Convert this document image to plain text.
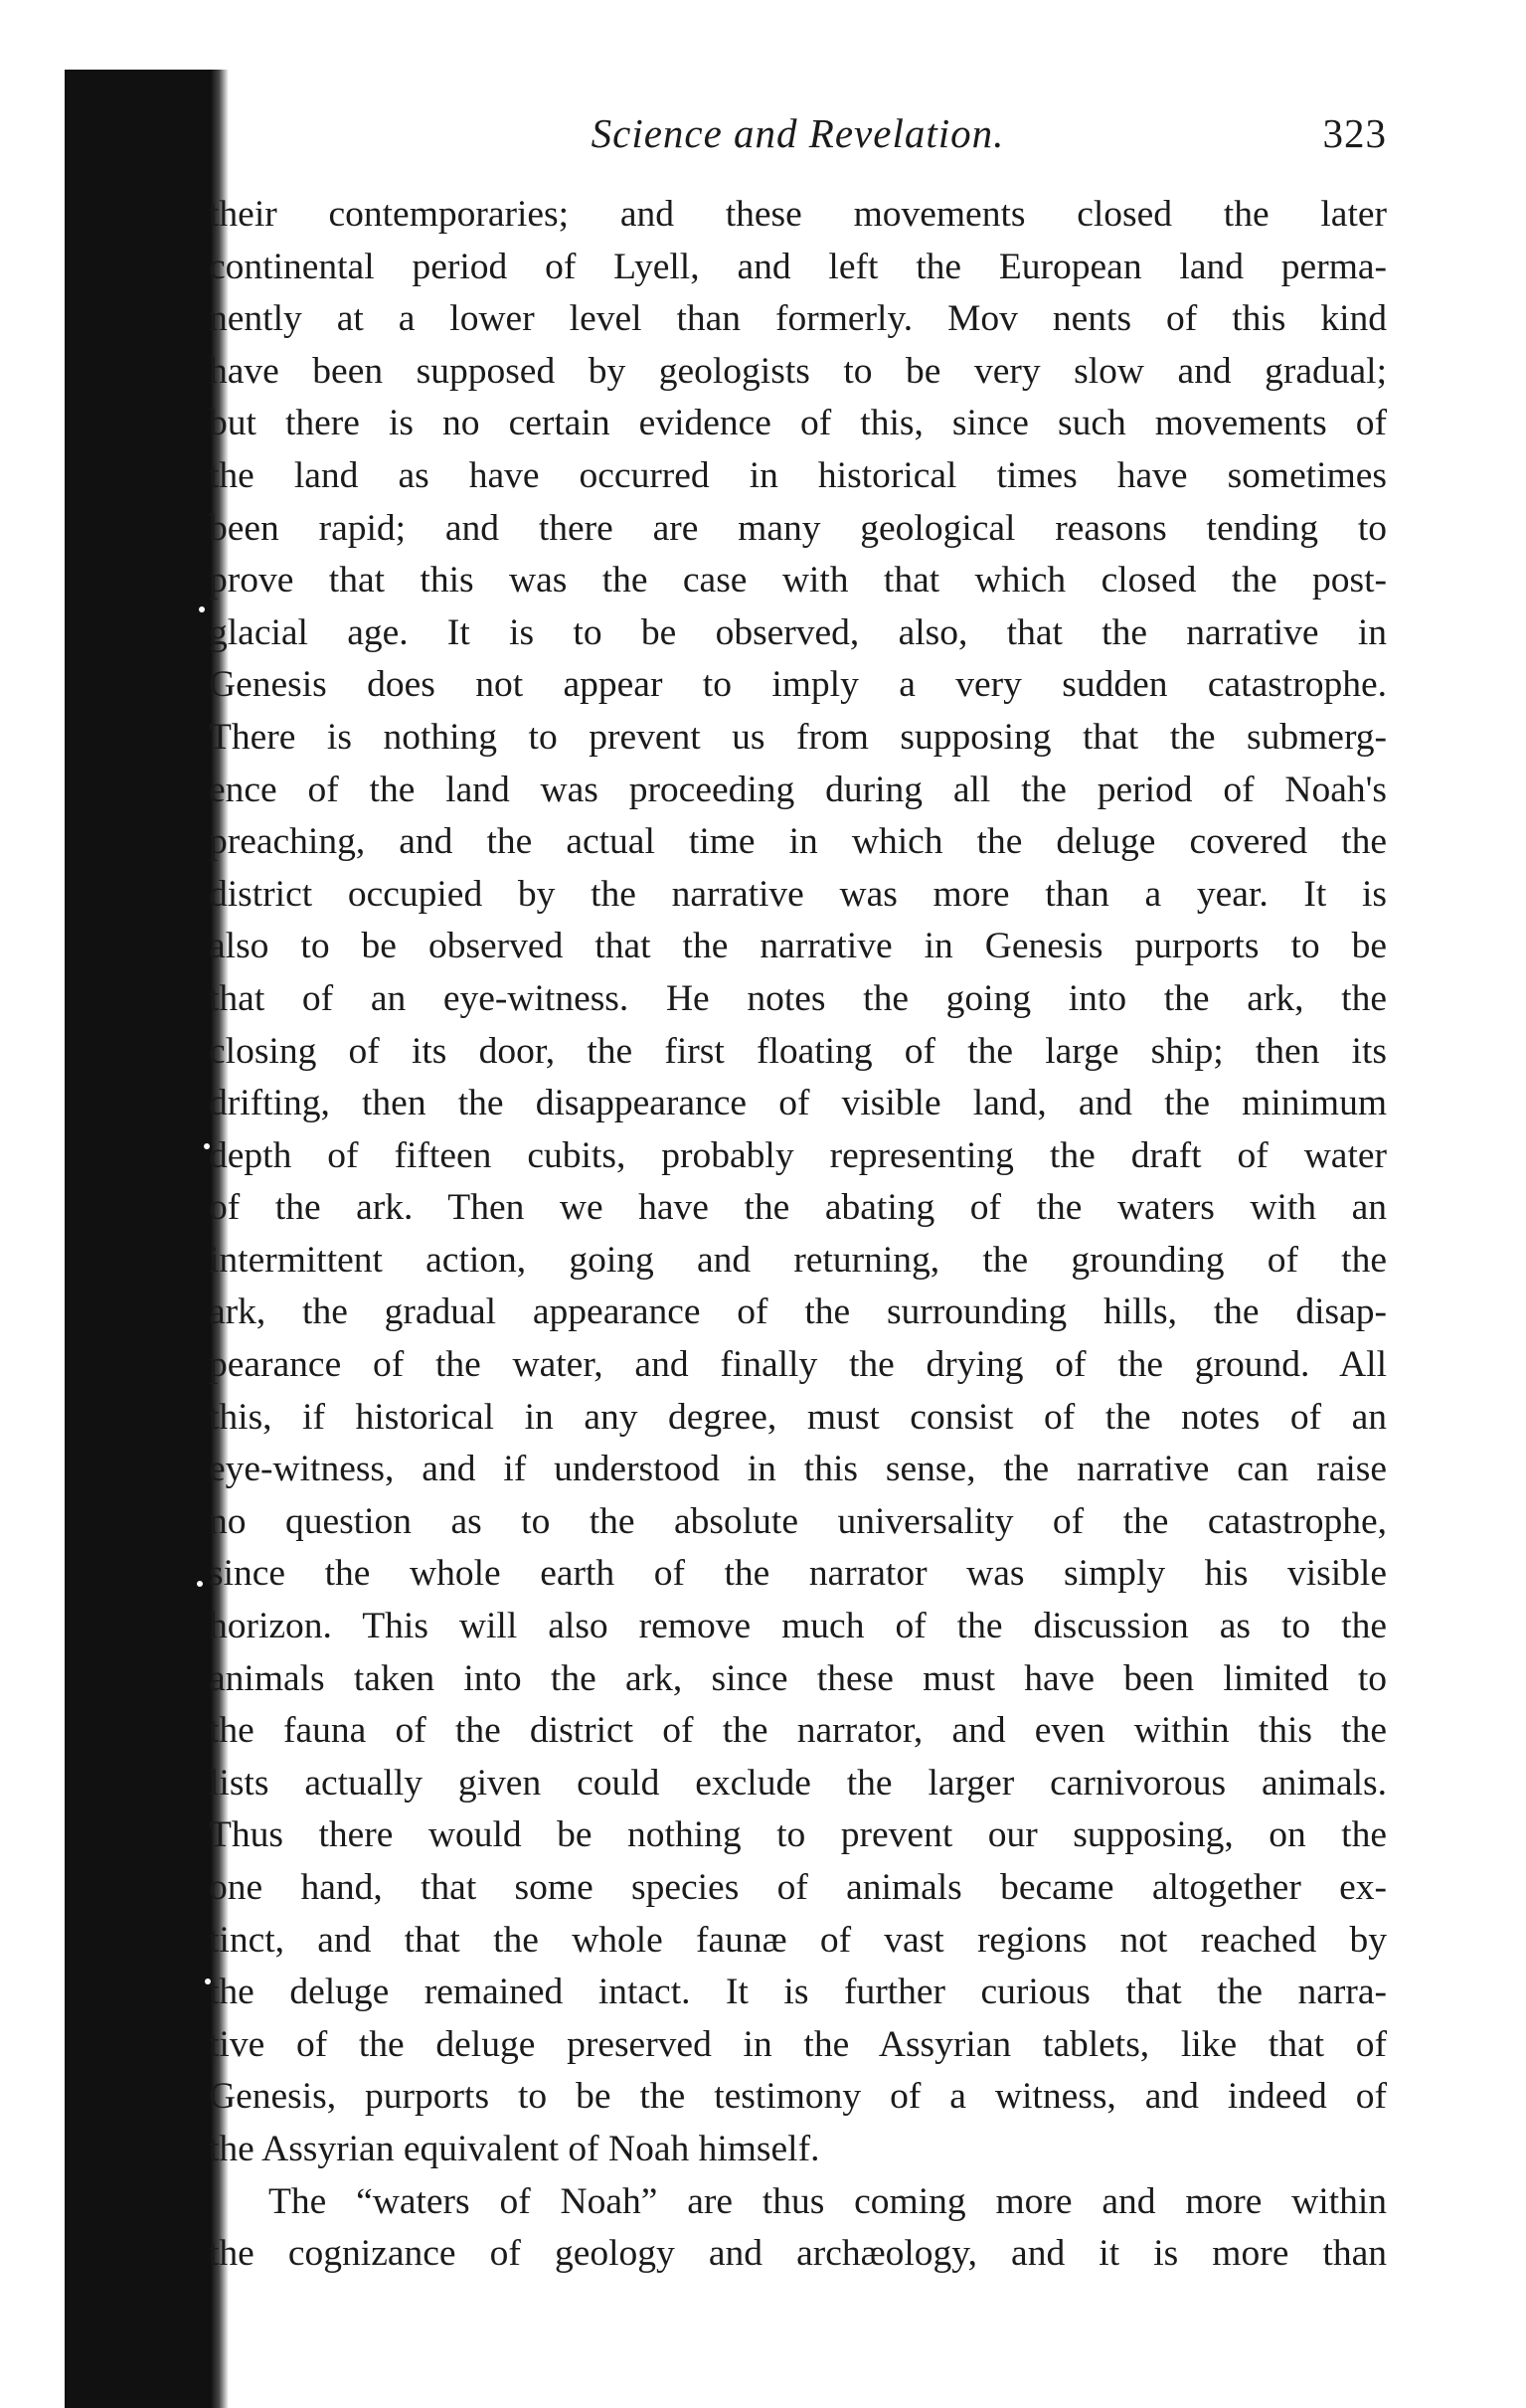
Science and Revelation.	323
their contemporaries; and these movements closed the later
continental period of Lyell, and left the European land perma-
nently at a lower level than formerly. Mov nents of this kind
have been supposed by geologists to be very slow and gradual;
but there is no certain evidence of this, since such movements of
the land as have occurred in historical times have sometimes
been rapid; and there are many geological reasons tending to
prove that this was the case with that which closed the post-
glacial age. It is to be observed, also, that the narrative in
Genesis does not appear to imply a very sudden catastrophe.
There is nothing to prevent us from supposing that the submerg-
ence of the land was proceeding during all the period of Noah's
preaching, and the actual time in which the deluge covered the
district occupied by the narrative was more than a year. It is
also to be observed that the narrative in Genesis purports to be
that of an eye-witness. He notes the going into the ark, the
closing of its door, the first floating of the large ship; then its
drifting, then the disappearance of visible land, and the minimum
depth of fifteen cubits, probably representing the draft of water
of the ark. Then we have the abating of the waters with an
intermittent action, going and returning, the grounding of the
ark, the gradual appearance of the surrounding hills, the disap-
pearance of the water, and finally the drying of the ground. All
this, if historical in any degree, must consist of the notes of an
eye-witness, and if understood in this sense, the narrative can raise
no question as to the absolute universality of the catastrophe,
since the whole earth of the narrator was simply his visible
horizon. This will also remove much of the discussion as to the
animals taken into the ark, since these must have been limited to
the fauna of the district of the narrator, and even within this the
lists actually given could exclude the larger carnivorous animals.
Thus there would be nothing to prevent our supposing, on the
one hand, that some species of animals became altogether ex-
tinct, and that the whole faunæ of vast regions not reached by
the deluge remained intact. It is further curious that the narra-
tive of the deluge preserved in the Assyrian tablets, like that of
Genesis, purports to be the testimony of a witness, and indeed of
the Assyrian equivalent of Noah himself.
The “waters of Noah” are thus coming more and more within
the cognizance of geology and archæology, and it is more than
